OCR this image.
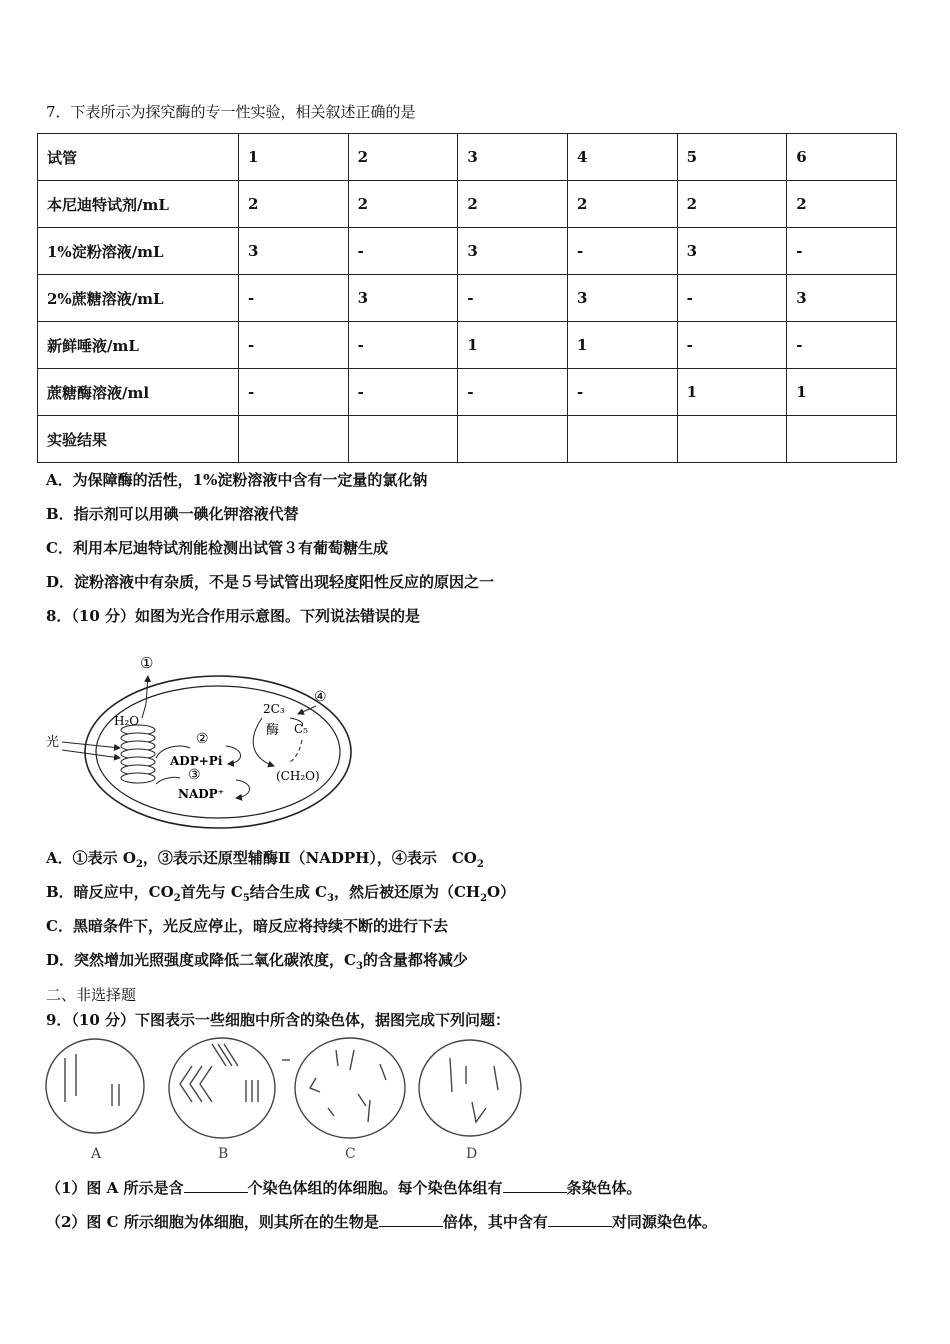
7．下表所示为探究酶的专一性实验，相关叙述正确的是
试管	1	2	3	4	5	6
本尼迪特试剂/mL	2	2	2	2	2	2
1%淀粉溶液/mL	3	-	3	-	3	-
2%蔗糖溶液/mL	-	3	-	3	-	3
新鲜唾液/mL	-	-	1	1	-	-
蔗糖酶溶液/ml	-	-	-	-	1	1
实验结果						
A．为保障酶的活性，1%淀粉溶液中含有一定量的氯化钠
B．指示剂可以用碘一碘化钾溶液代替
C．利用本尼迪特试剂能检测出试管３有葡萄糖生成
D．淀粉溶液中有杂质，不是５号试管出现轻度阳性反应的原因之一
8．（10 分）如图为光合作用示意图。下列说法错误的是
光
H₂O
①
②
ADP+Pi
③
NADP⁺
2C₃
④
酶 C₅
(CH₂O)
A．①表示 $O_2$，③表示还原型辅酶Ⅱ（NADPH），④表示　$CO_2$
B．暗反应中，$CO_2$首先与 $C_5$结合生成 $C_3$，然后被还原为$(CH_2O)$
C．黑暗条件下，光反应停止，暗反应将持续不断的进行下去
D．突然增加光照强度或降低二氧化碳浓度，$C_3$的含量都将减少
二、非选择题
9．（10 分）下图表示一些细胞中所含的染色体，据图完成下列问题：
A	B	C	D
（1）图 A 所示是含	个染色体组的体细胞。每个染色体组有	条染色体。
（2）图 C 所示细胞为体细胞，则其所在的生物是	倍体，其中含有	对同源染色体。
